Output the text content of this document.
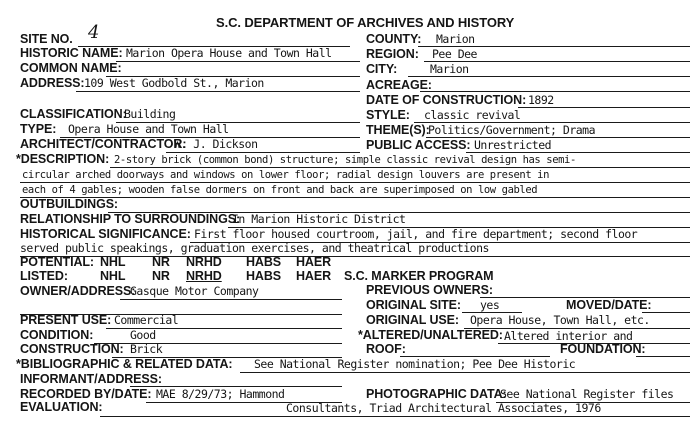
S.C. DEPARTMENT OF ARCHIVES AND HISTORY
SITE NO. 4	COUNTY: Marion
HISTORIC NAME: Marion Opera House and Town Hall	REGION: Pee Dee
COMMON NAME:	CITY:	Marion
ADDRESS: 109 West Godbold St., Marion	ACREAGE:
DATE OF CONSTRUCTION: 1892
CLASSIFICATION:
Building	STYLE: classic revival
TYPE: Opera House and Town Hall	THEME(S):
Politics/Government; Drama
ARCHITECT/CONTRACTOR:
W. J. Dickson	PUBLIC ACCESS: Unrestricted
*DESCRIPTION: 2-story brick (common bond) structure; simple classic revival design has semi-
circular arched doorways and windows on lower floor; radial design louvers are present in
each of 4 gables; wooden false dormers on front and back are superimposed on low gabled
OUTBUILDINGS:
RELATIONSHIP TO SURROUNDINGS:
In Marion Historic District
HISTORICAL SIGNIFICANCE: First floor housed courtroom, jail, and fire department; second floor
served public speakings, graduation exercises, and theatrical productions
POTENTIAL: NHL NR NRHD HABS HAER
LISTED:	NHL NR NRHD HABS HAER S.C. MARKER PROGRAM
OWNER/ADDRESS:
Gasque Motor Company	PREVIOUS OWNERS:
ORIGINAL SITE: yes	MOVED/DATE:
PRESENT USE: Commercial	ORIGINAL USE: Opera House, Town Hall, etc.
CONDITION:	Good	*ALTERED/UNALTERED: Altered interior and
CONSTRUCTION: Brick	ROOF:	FOUNDATION:
*BIBLIOGRAPHIC & RELATED DATA: See National Register nomination; Pee Dee Historic
INFORMANT/ADDRESS:
RECORDED BY/DATE: MAE 8/29/73; Hammond	PHOTOGRAPHIC DATA:
See National Register files
EVALUATION:	Consultants, Triad Architectural Associates, 1976
